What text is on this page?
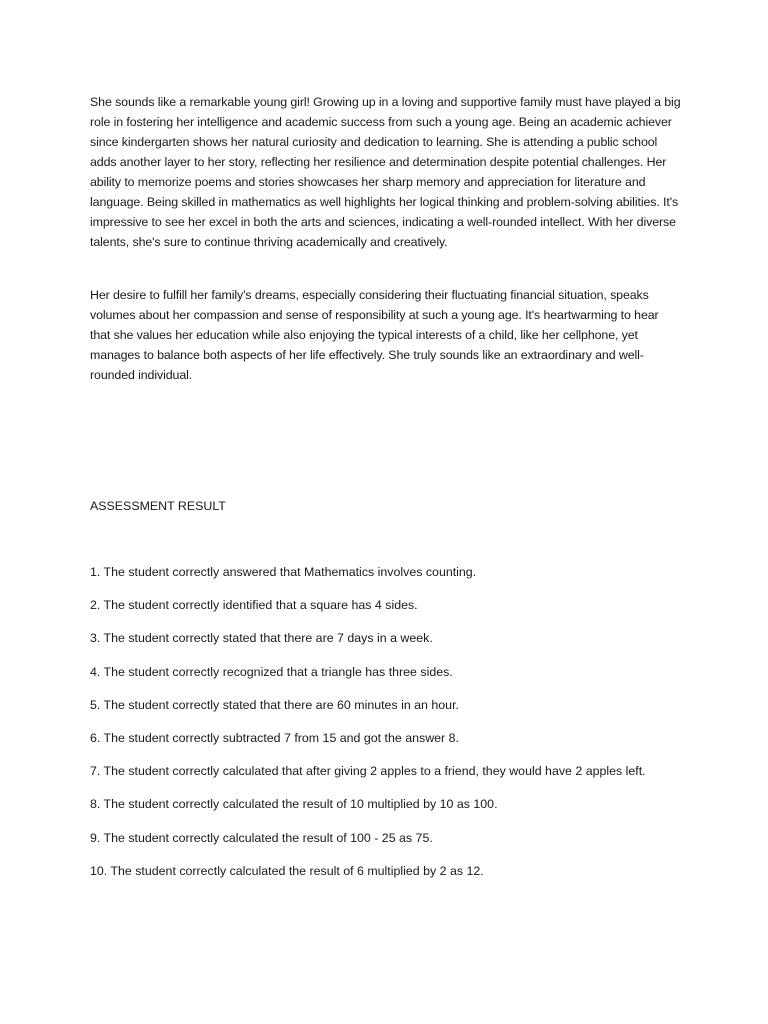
She sounds like a remarkable young girl! Growing up in a loving and supportive family must have played a big role in fostering her intelligence and academic success from such a young age. Being an academic achiever since kindergarten shows her natural curiosity and dedication to learning. She is attending a public school adds another layer to her story, reflecting her resilience and determination despite potential challenges. Her ability to memorize poems and stories showcases her sharp memory and appreciation for literature and language. Being skilled in mathematics as well highlights her logical thinking and problem-solving abilities. It's impressive to see her excel in both the arts and sciences, indicating a well-rounded intellect. With her diverse talents, she's sure to continue thriving academically and creatively.

Her desire to fulfill her family's dreams, especially considering their fluctuating financial situation, speaks volumes about her compassion and sense of responsibility at such a young age. It's heartwarming to hear that she values her education while also enjoying the typical interests of a child, like her cellphone, yet manages to balance both aspects of her life effectively. She truly sounds like an extraordinary and well-rounded individual.

ASSESSMENT RESULT
1. The student correctly answered that Mathematics involves counting.
2. The student correctly identified that a square has 4 sides.
3. The student correctly stated that there are 7 days in a week.
4. The student correctly recognized that a triangle has three sides.
5. The student correctly stated that there are 60 minutes in an hour.
6. The student correctly subtracted 7 from 15 and got the answer 8.
7. The student correctly calculated that after giving 2 apples to a friend, they would have 2 apples left.
8. The student correctly calculated the result of 10 multiplied by 10 as 100.
9. The student correctly calculated the result of 100 - 25 as 75.
10. The student correctly calculated the result of 6 multiplied by 2 as 12.
